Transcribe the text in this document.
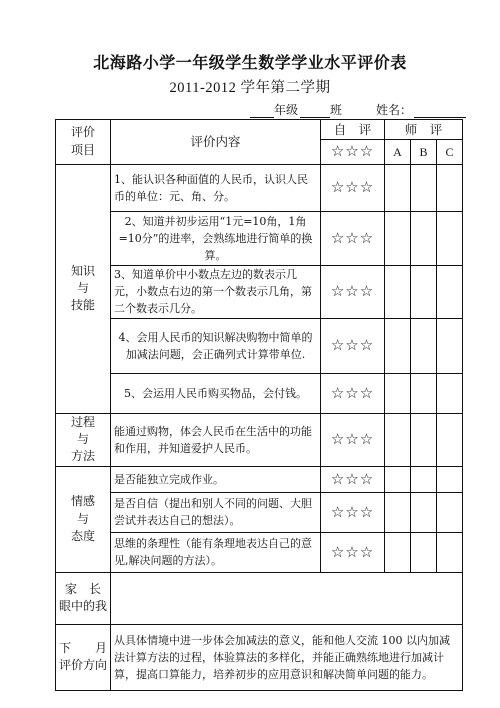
北海路小学一年级学生数学学业水平评价表
2011-2012 学年第二学期
年级	班	姓名：
评价
项目	评价内容	自　评	师　评		
		☆☆☆	A	B	C
知识
与
技能	1、能认识各种面值的人民币，认识人民币的单位：元、角、分。	☆☆☆			
	2、知道并初步运用“1元=10角，1角=10分”的进率，会熟练地进行简单的换算。	☆☆☆			
	3、知道单价中小数点左边的数表示几元，小数点右边的第一个数表示几角，第二个数表示几分。	☆☆☆			
	4、会用人民币的知识解决购物中简单的加减法问题，会正确列式计算带单位.	☆☆☆			
	5、会运用人民币购买物品，会付钱。	☆☆☆			
过程
与
方法	能通过购物，体会人民币在生活中的功能和作用，并知道爱护人民币。	☆☆☆			
情感
与
态度	是否能独立完成作业。	☆☆☆			
	是否自信（提出和别人不同的问题、大胆尝试并表达自己的想法）。	☆☆☆			
	思维的条理性（能有条理地表达自己的意见,解决问题的方法）。	☆☆☆			
家　长
眼中的我					
下　　月
评价方向	从具体情境中进一步体会加减法的意义，能和他人交流 100 以内加减法计算方法的过程，体验算法的多样化，并能正确熟练地进行加减计算，提高口算能力，培养初步的应用意识和解决简单问题的能力。				
